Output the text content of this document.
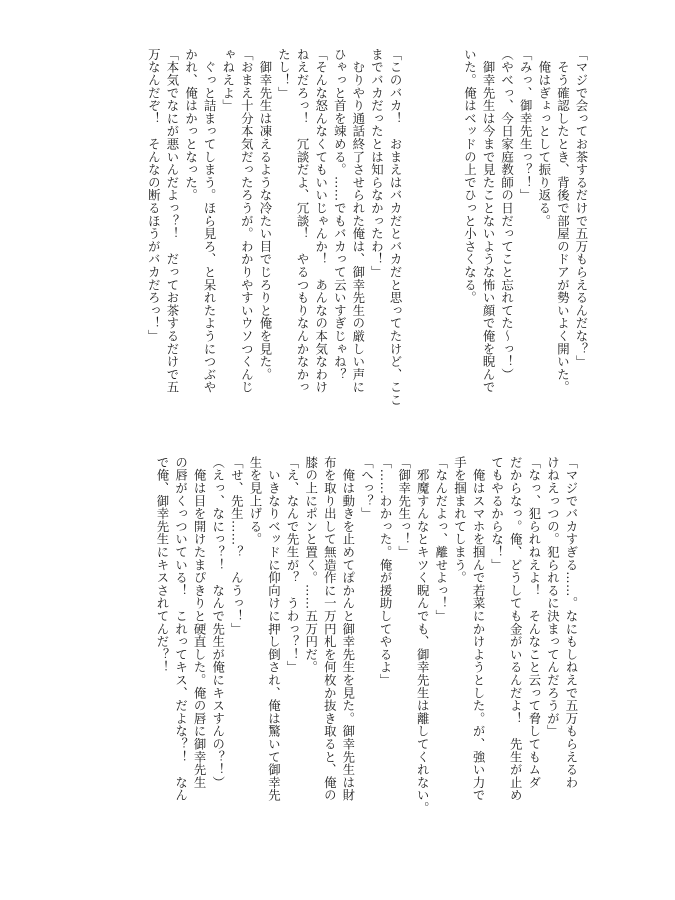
「マジで会ってお茶するだけで五万もらえるんだな？」
　そう確認したとき、背後で部屋のドアが勢いよく開いた。
　俺はぎょっとして振り返る。
「みっ、御幸先生っ？！」
（やべっ、今日家庭教師の日だってこと忘れてた〜っ！）
　御幸先生は今まで見たことないような怖い顔で俺を睨んで
いた。俺はベッドの上でひっと小さくなる。

「このバカ！　おまえはバカだとバカだと思ってたけど、ここ
までバカだったとは知らなかったわ！」
　むりやり通話終了させられた俺は、御幸先生の厳しい声に
ひゃっと首を竦める。……でもバカって云いすぎじゃね？
「そんな怒んなくてもいいじゃんか！　あんなの本気なわけ
ねえだろっ！　冗談だよ、冗談！　やるつもりなんかなかっ
たし！」
　御幸先生は凍えるような冷たい目でじろりと俺を見た。
「おまえ十分本気だったろうが。わかりやすいウソつくんじ
ゃねえよ」
　ぐっと詰まってしまう。ほら見ろ、と呆れたようにつぶや
かれ、俺はかっとなった。
「本気でなにが悪いんだよっ？！　だってお茶するだけで五
万なんだぞ！　そんなの断るほうがバカだろっ！」
「マジでバカすぎる……。なにもしねえで五万もらえるわ
けねえっつの。犯られるに決まってんだろうが」
「なっ、犯られねえよ！　そんなこと云って脅してもムダ
だからなっ。俺、どうしても金がいるんだよ！　先生が止め
てもやるからな！」
　俺はスマホを掴んで若菜にかけようとした。が、強い力で
手を掴まれてしまう。
「なんだよっ、離せよっ！」
　邪魔すんなとキツく睨んでも、御幸先生は離してくれない。
「御幸先生っ！」
「……わかった。俺が援助してやるよ」
「へっ？」
　俺は動きを止めてぽかんと御幸先生を見た。御幸先生は財
布を取り出して無造作に一万円札を何枚か抜き取ると、俺の
膝の上にポンと置く。……五万円だ。
「え、なんで先生が？　うわっ？！」
　いきなりベッドに仰向けに押し倒され、俺は驚いて御幸先
生を見上げる。
「せ、先生……？　んうっ！」
（えっ、なにっ？！　なんで先生が俺にキスすんの？！）
　俺は目を開けたまぴきりと硬直した。俺の唇に御幸先生
の唇がくっついている！　これってキス、だよな？！　なん
で俺、御幸先生にキスされてんだ？！
